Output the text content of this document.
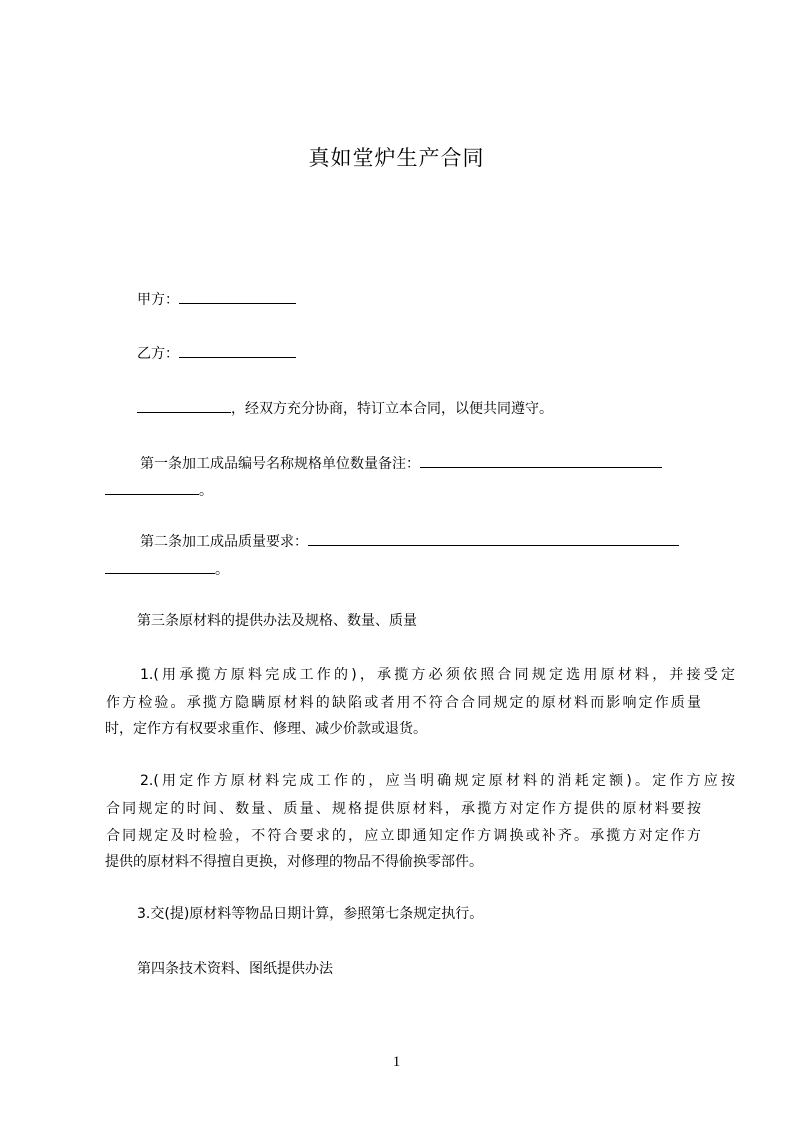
真如堂炉生产合同
甲方：
乙方：
，经双方充分协商，特订立本合同，以便共同遵守。
第一条加工成品编号名称规格单位数量备注：
。
第二条加工成品质量要求：
。
第三条原材料的提供办法及规格、数量、质量
1.(用承揽方原料完成工作的)，承揽方必须依照合同规定选用原材料，并接受定
作方检验。承揽方隐瞒原材料的缺陷或者用不符合合同规定的原材料而影响定作质量
时，定作方有权要求重作、修理、减少价款或退货。
2.(用定作方原材料完成工作的，应当明确规定原材料的消耗定额)。定作方应按
合同规定的时间、数量、质量、规格提供原材料，承揽方对定作方提供的原材料要按
合同规定及时检验，不符合要求的，应立即通知定作方调换或补齐。承揽方对定作方
提供的原材料不得擅自更换，对修理的物品不得偷换零部件。
3.交(提)原材料等物品日期计算，参照第七条规定执行。
第四条技术资料、图纸提供办法
1
